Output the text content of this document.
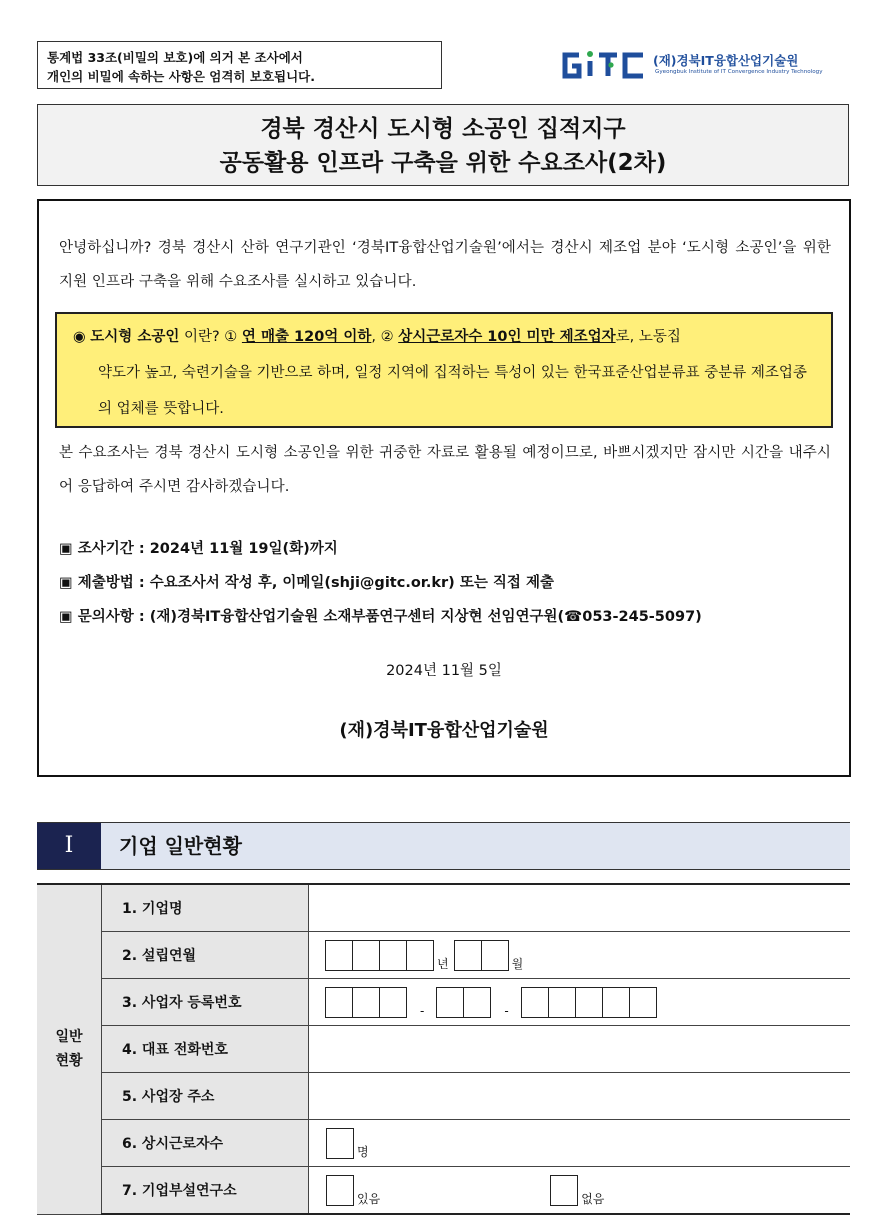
통계법 33조(비밀의 보호)에 의거 본 조사에서
개인의 비밀에 속하는 사항은 엄격히 보호됩니다.
(재)경북IT융합산업기술원
Gyeongbuk Institute of IT Convergence Industry Technology
경북 경산시 도시형 소공인 집적지구
공동활용 인프라 구축을 위한 수요조사(2차)
안녕하십니까? 경북 경산시 산하 연구기관인 ‘경북IT융합산업기술원’에서는 경산시 제조업 분야 ‘도시형 소공인’을 위한 지원 인프라 구축을 위해 수요조사를 실시하고 있습니다.
◉ 도시형 소공인 이란? ① 연 매출 120억 이하, ② 상시근로자수 10인 미만 제조업자로, 노동집
약도가 높고, 숙련기술을 기반으로 하며, 일정 지역에 집적하는 특성이 있는 한국표준산업분류표 중분류 제조업종의 업체를 뜻합니다.
본 수요조사는 경북 경산시 도시형 소공인을 위한 귀중한 자료로 활용될 예정이므로, 바쁘시겠지만 잠시만 시간을 내주시어 응답하여 주시면 감사하겠습니다.
▣ 조사기간 : 2024년 11월 19일(화)까지
▣ 제출방법 : 수요조사서 작성 후, 이메일(shji@gitc.or.kr) 또는 직접 제출
▣ 문의사항 : (재)경북IT융합산업기술원 소재부품연구센터 지상현 선임연구원(☎053-245-5097)
2024년 11월 5일
(재)경북IT융합산업기술원
I	기업 일반현황
일반
현황	1. 기업명	
	2. 설립연월	년 월

	3. 사업자 등록번호	- -

	4. 대표 전화번호	
	5. 사업장 주소	
	6. 상시근로자수	명

	7. 기업부설연구소	있음 없음
